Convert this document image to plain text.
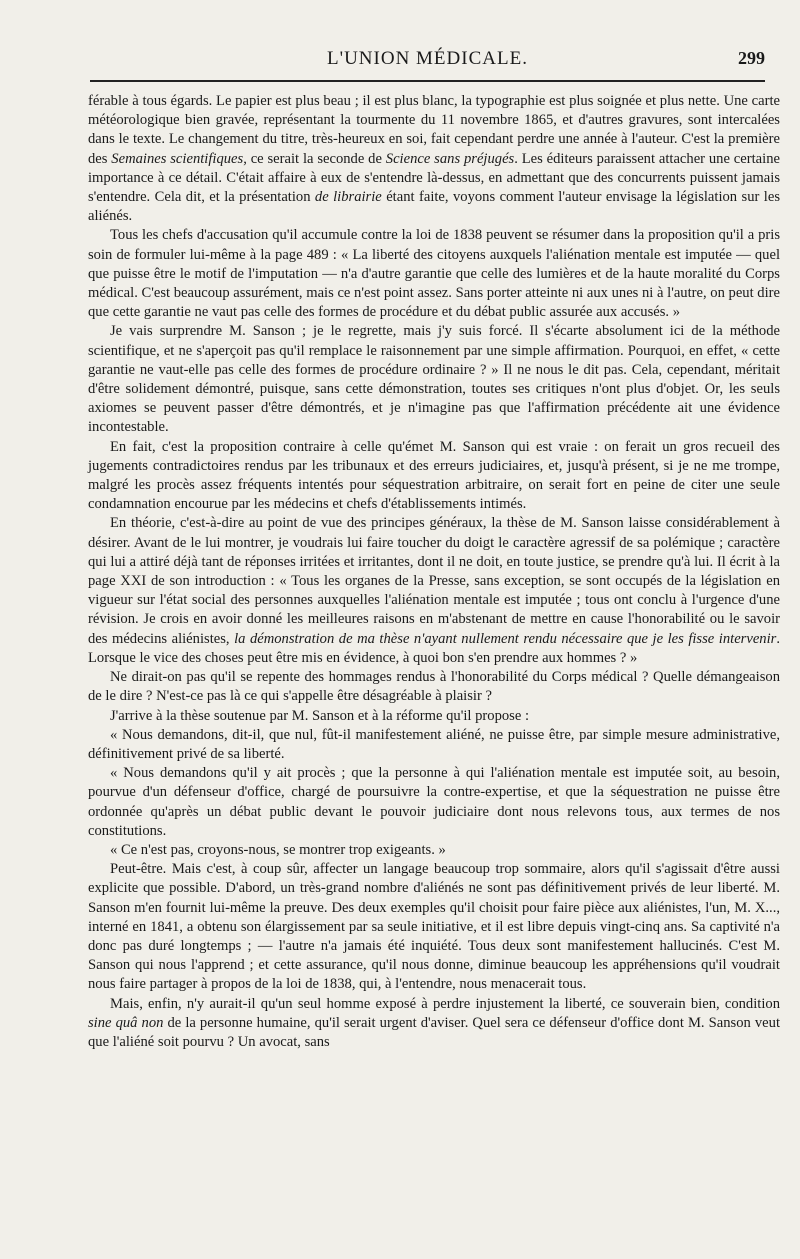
L'UNION MÉDICALE.	299

férable à tous égards. Le papier est plus beau ; il est plus blanc, la typographie est plus soignée et plus nette. Une carte météorologique bien gravée, représentant la tourmente du 11 novembre 1865, et d'autres gravures, sont intercalées dans le texte. Le changement du titre, très-heureux en soi, fait cependant perdre une année à l'auteur. C'est la première des Semaines scientifiques, ce serait la seconde de Science sans préjugés. Les éditeurs paraissent attacher une certaine importance à ce détail. C'était affaire à eux de s'entendre là-dessus, en admettant que des concurrents puissent jamais s'entendre. Cela dit, et la présentation de librairie étant faite, voyons comment l'auteur envisage la législation sur les aliénés.

Tous les chefs d'accusation qu'il accumule contre la loi de 1838 peuvent se résumer dans la proposition qu'il a pris soin de formuler lui-même à la page 489 : « La liberté des citoyens auxquels l'aliénation mentale est imputée — quel que puisse être le motif de l'imputation — n'a d'autre garantie que celle des lumières et de la haute moralité du Corps médical. C'est beaucoup assurément, mais ce n'est point assez. Sans porter atteinte ni aux unes ni à l'autre, on peut dire que cette garantie ne vaut pas celle des formes de procédure et du débat public assurée aux accusés. »

Je vais surprendre M. Sanson ; je le regrette, mais j'y suis forcé. Il s'écarte absolument ici de la méthode scientifique, et ne s'aperçoit pas qu'il remplace le raisonnement par une simple affirmation. Pourquoi, en effet, « cette garantie ne vaut-elle pas celle des formes de procédure ordinaire ? » Il ne nous le dit pas. Cela, cependant, méritait d'être solidement démontré, puisque, sans cette démonstration, toutes ses critiques n'ont plus d'objet. Or, les seuls axiomes se peuvent passer d'être démontrés, et je n'imagine pas que l'affirmation précédente ait une évidence incontestable.

En fait, c'est la proposition contraire à celle qu'émet M. Sanson qui est vraie : on ferait un gros recueil des jugements contradictoires rendus par les tribunaux et des erreurs judiciaires, et, jusqu'à présent, si je ne me trompe, malgré les procès assez fréquents intentés pour séquestration arbitraire, on serait fort en peine de citer une seule condamnation encourue par les médecins et chefs d'établissements intimés.

En théorie, c'est-à-dire au point de vue des principes généraux, la thèse de M. Sanson laisse considérablement à désirer. Avant de le lui montrer, je voudrais lui faire toucher du doigt le caractère agressif de sa polémique ; caractère qui lui a attiré déjà tant de réponses irritées et irritantes, dont il ne doit, en toute justice, se prendre qu'à lui. Il écrit à la page XXI de son introduction : « Tous les organes de la Presse, sans exception, se sont occupés de la législation en vigueur sur l'état social des personnes auxquelles l'aliénation mentale est imputée ; tous ont conclu à l'urgence d'une révision. Je crois en avoir donné les meilleures raisons en m'abstenant de mettre en cause l'honorabilité ou le savoir des médecins aliénistes, la démonstration de ma thèse n'ayant nullement rendu nécessaire que je les fisse intervenir. Lorsque le vice des choses peut être mis en évidence, à quoi bon s'en prendre aux hommes ? »

Ne dirait-on pas qu'il se repente des hommages rendus à l'honorabilité du Corps médical ? Quelle démangeaison de le dire ? N'est-ce pas là ce qui s'appelle être désagréable à plaisir ?

J'arrive à la thèse soutenue par M. Sanson et à la réforme qu'il propose :

« Nous demandons, dit-il, que nul, fût-il manifestement aliéné, ne puisse être, par simple mesure administrative, définitivement privé de sa liberté.

« Nous demandons qu'il y ait procès ; que la personne à qui l'aliénation mentale est imputée soit, au besoin, pourvue d'un défenseur d'office, chargé de poursuivre la contre-expertise, et que la séquestration ne puisse être ordonnée qu'après un débat public devant le pouvoir judiciaire dont nous relevons tous, aux termes de nos constitutions.

« Ce n'est pas, croyons-nous, se montrer trop exigeants. »

Peut-être. Mais c'est, à coup sûr, affecter un langage beaucoup trop sommaire, alors qu'il s'agissait d'être aussi explicite que possible. D'abord, un très-grand nombre d'aliénés ne sont pas définitivement privés de leur liberté. M. Sanson m'en fournit lui-même la preuve. Des deux exemples qu'il choisit pour faire pièce aux aliénistes, l'un, M. X..., interné en 1841, a obtenu son élargissement par sa seule initiative, et il est libre depuis vingt-cinq ans. Sa captivité n'a donc pas duré longtemps ; — l'autre n'a jamais été inquiété. Tous deux sont manifestement hallucinés. C'est M. Sanson qui nous l'apprend ; et cette assurance, qu'il nous donne, diminue beaucoup les appréhensions qu'il voudrait nous faire partager à propos de la loi de 1838, qui, à l'entendre, nous menacerait tous.

Mais, enfin, n'y aurait-il qu'un seul homme exposé à perdre injustement la liberté, ce souverain bien, condition sine quâ non de la personne humaine, qu'il serait urgent d'aviser. Quel sera ce défenseur d'office dont M. Sanson veut que l'aliéné soit pourvu ? Un avocat, sans
